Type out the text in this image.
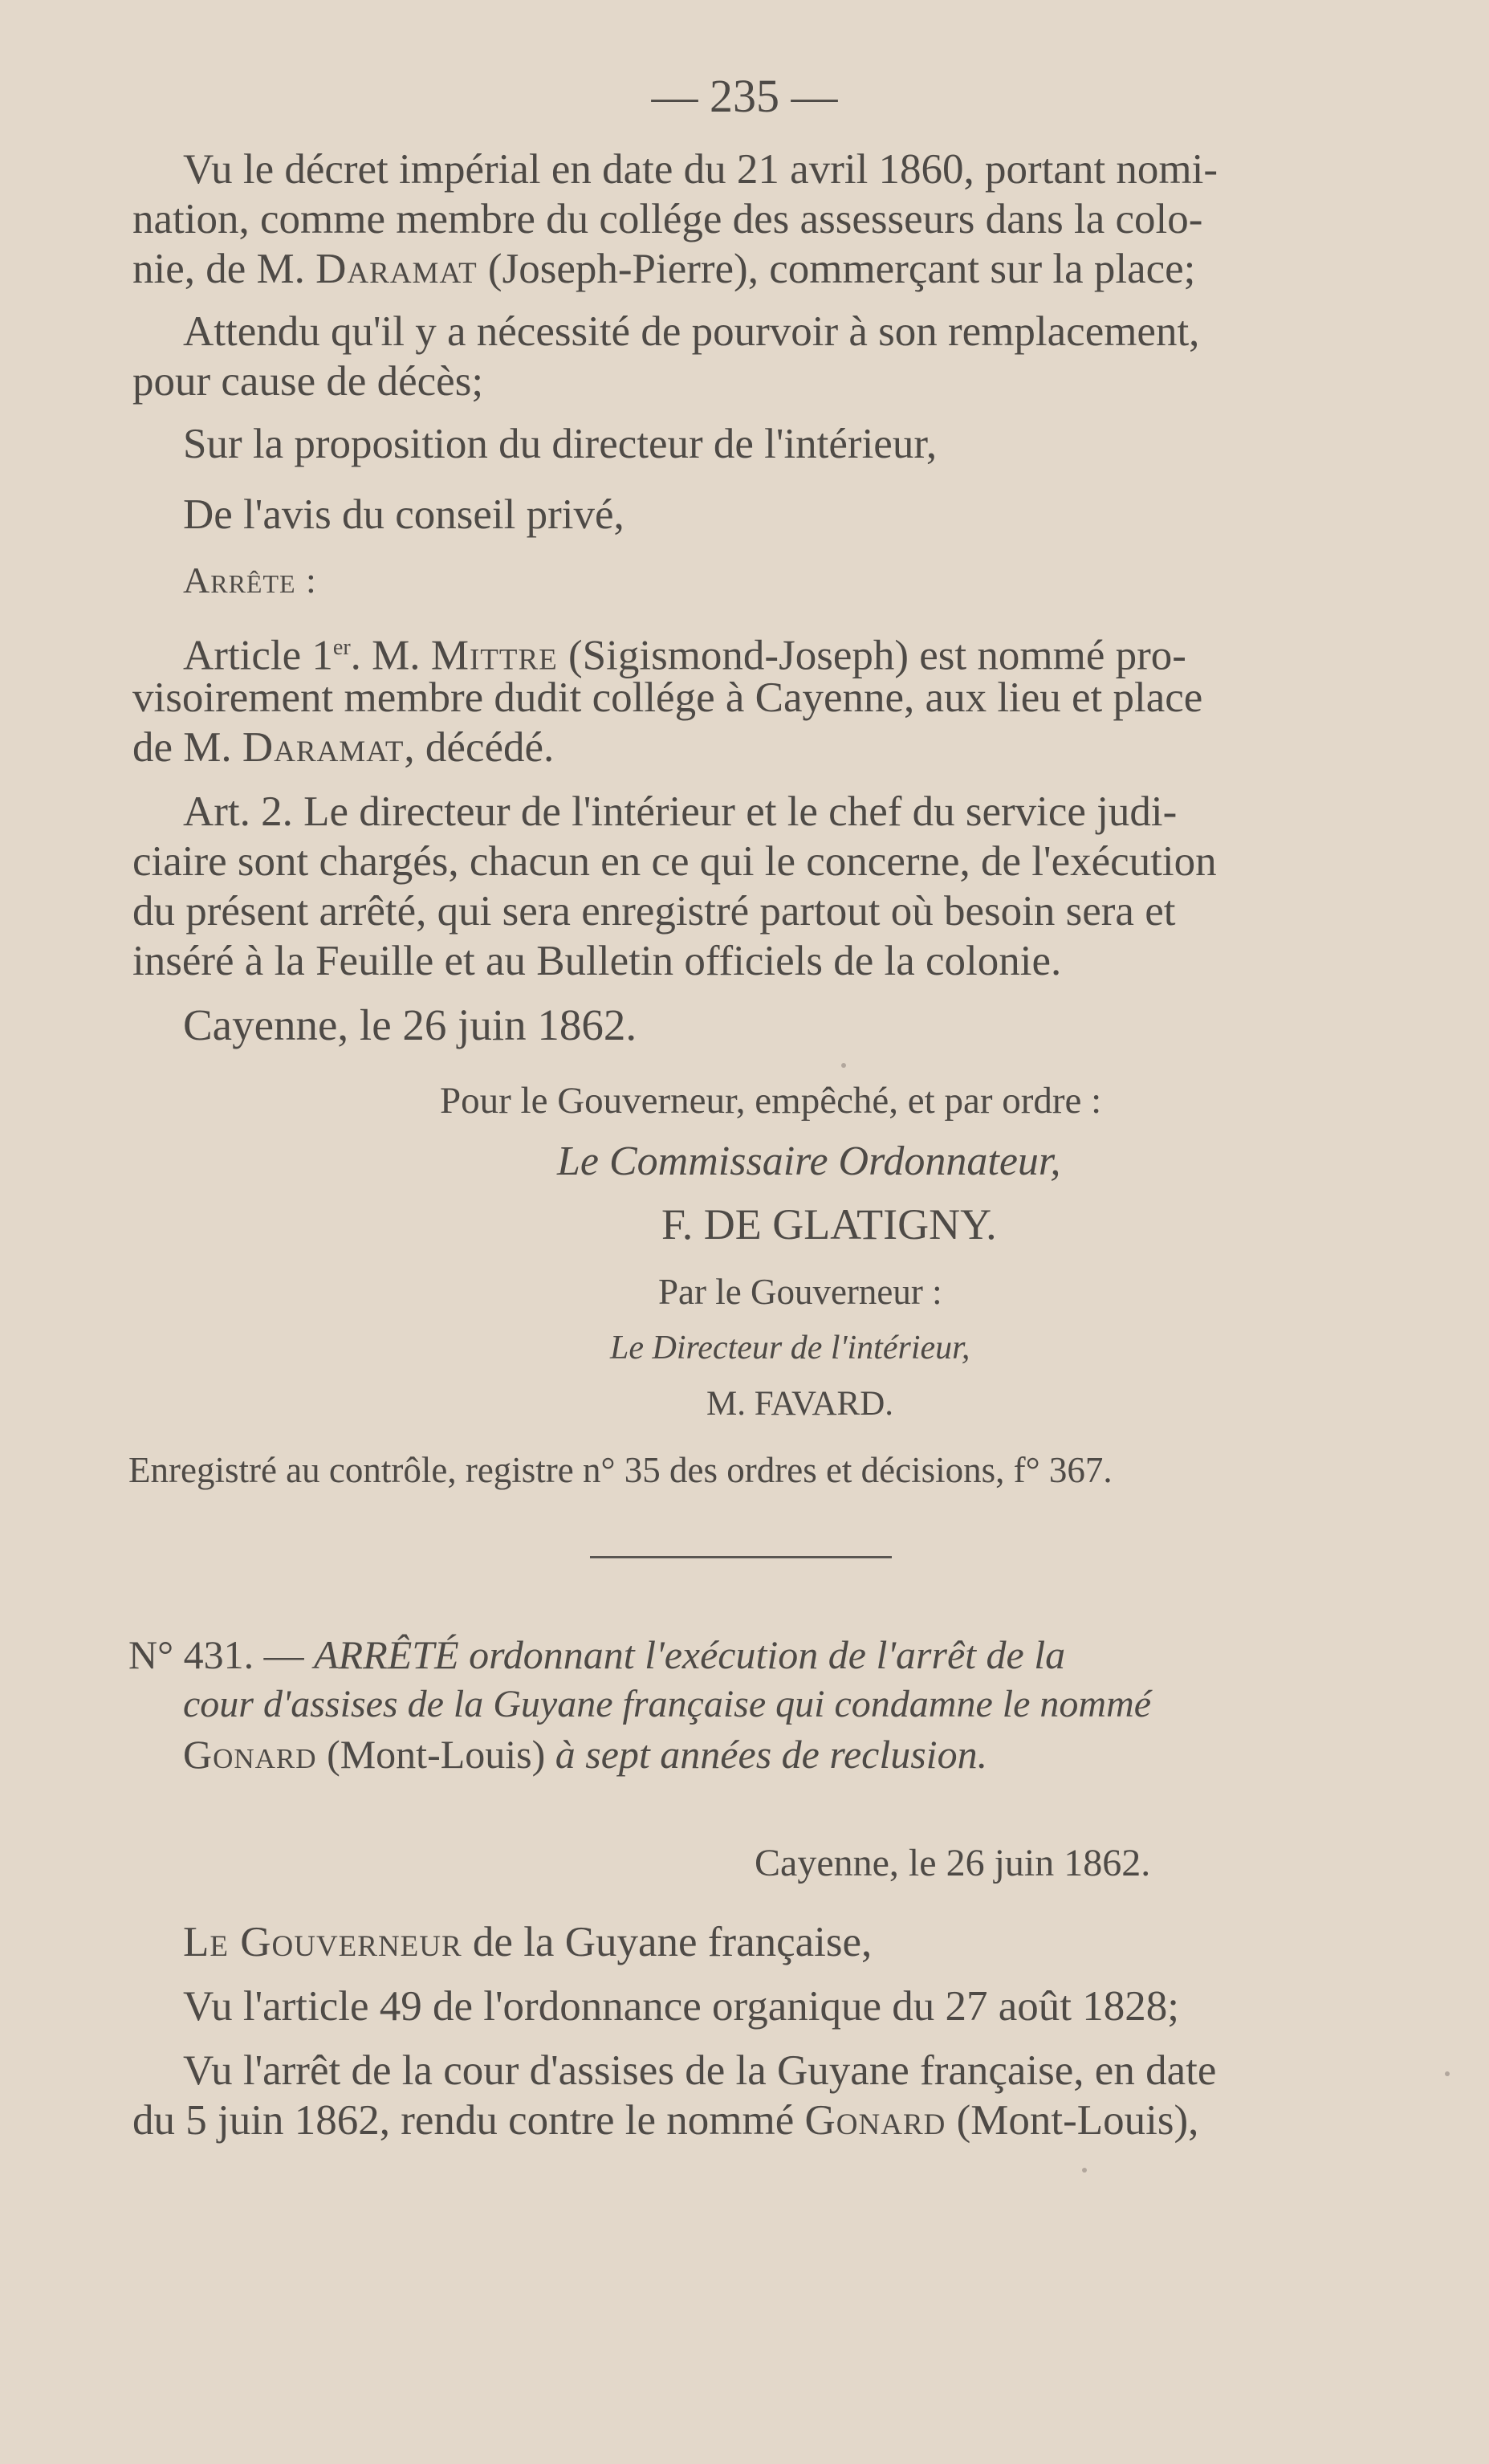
— 235 —
Vu le décret impérial en date du 21 avril 1860, portant nomi-
nation, comme membre du collége des assesseurs dans la colo-
nie, de M. Daramat (Joseph-Pierre), commerçant sur la place;
Attendu qu'il y a nécessité de pourvoir à son remplacement,
pour cause de décès;
Sur la proposition du directeur de l'intérieur,
De l'avis du conseil privé,
Arrête :
Article 1er. M. Mittre (Sigismond-Joseph) est nommé pro-
visoirement membre dudit collége à Cayenne, aux lieu et place
de M. Daramat, décédé.
Art. 2. Le directeur de l'intérieur et le chef du service judi-
ciaire sont chargés, chacun en ce qui le concerne, de l'exécution
du présent arrêté, qui sera enregistré partout où besoin sera et
inséré à la Feuille et au Bulletin officiels de la colonie.
Cayenne, le 26 juin 1862.
Pour le Gouverneur, empêché, et par ordre :
Le Commissaire Ordonnateur,
F. DE GLATIGNY.
Par le Gouverneur :
Le Directeur de l'intérieur,
M. FAVARD.
Enregistré au contrôle, registre n° 35 des ordres et décisions, f° 367.
N° 431. — ARRÊTÉ ordonnant l'exécution de l'arrêt de la
cour d'assises de la Guyane française qui condamne le nommé
Gonard (Mont-Louis) à sept années de reclusion.
Cayenne, le 26 juin 1862.
Le Gouverneur de la Guyane française,
Vu l'article 49 de l'ordonnance organique du 27 août 1828;
Vu l'arrêt de la cour d'assises de la Guyane française, en date
du 5 juin 1862, rendu contre le nommé Gonard (Mont-Louis),
